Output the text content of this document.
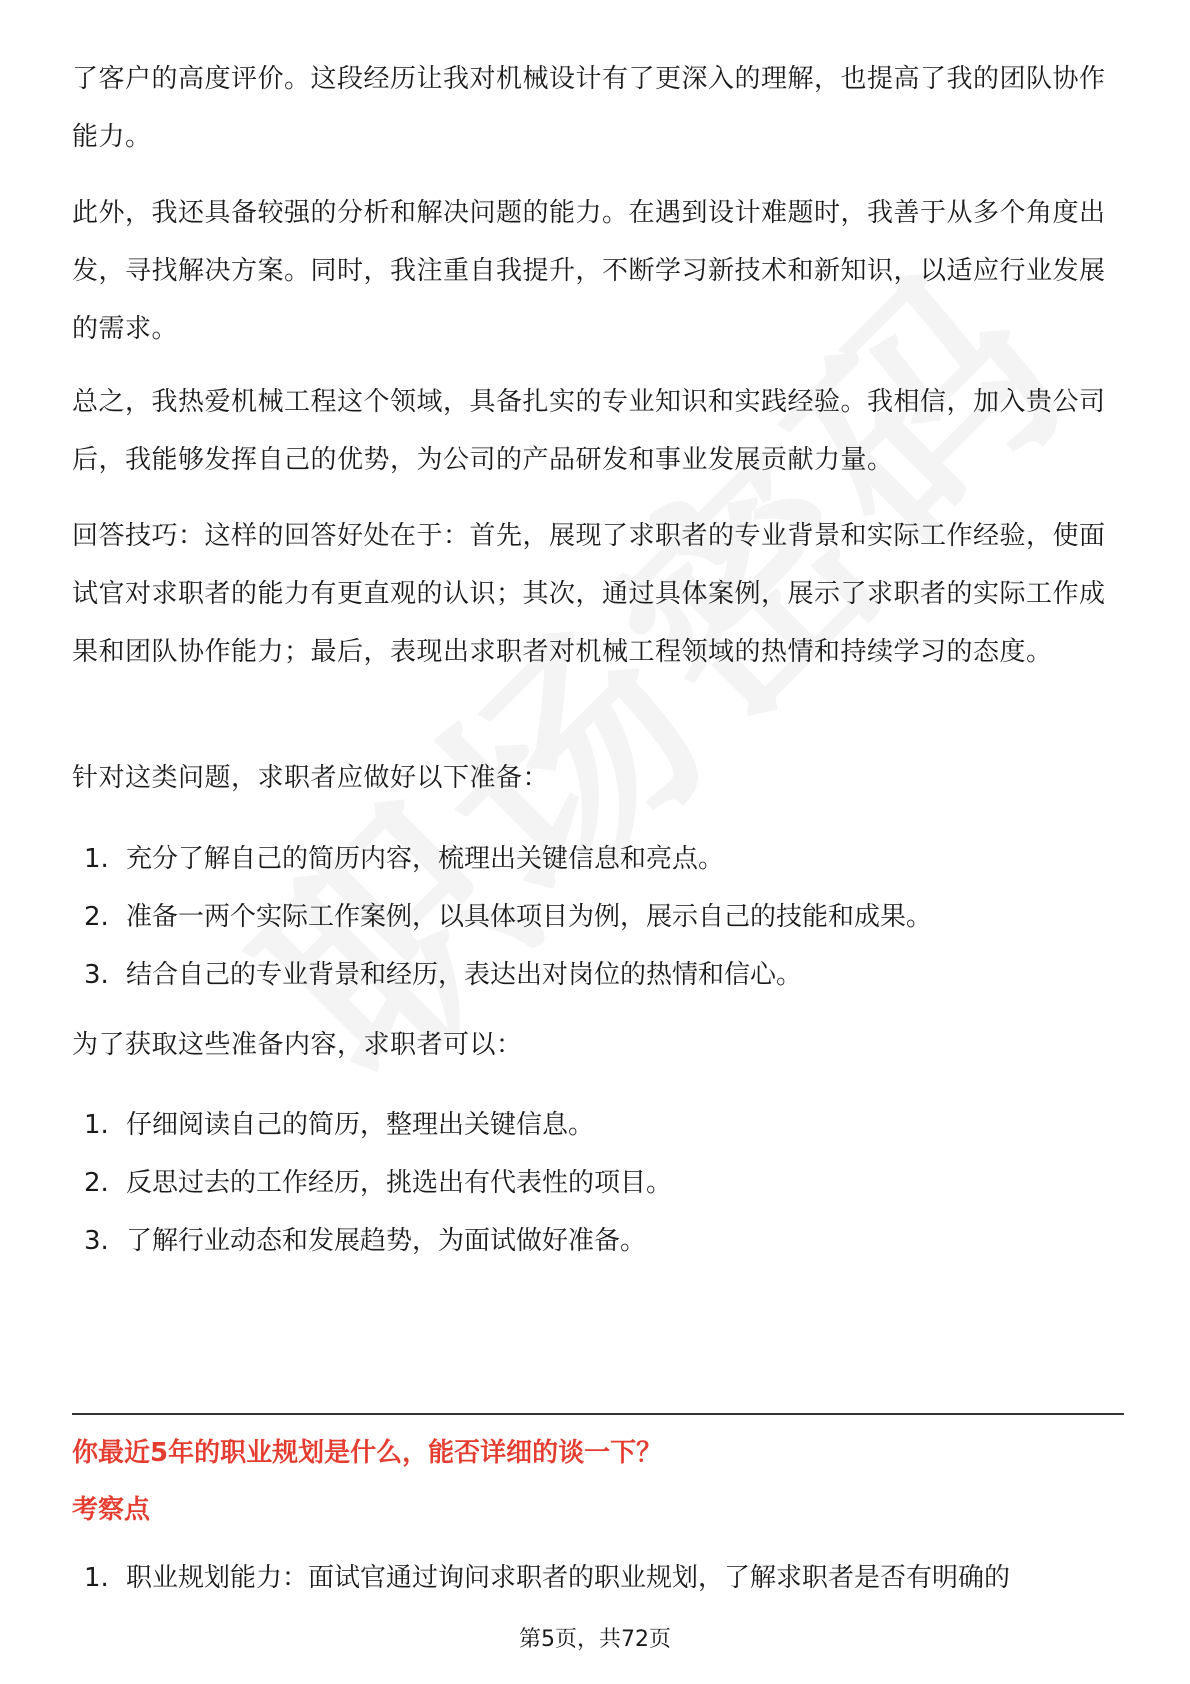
了客户的高度评价。这段经历让我对机械设计有了更深入的理解，也提高了我的团队协作能力。

此外，我还具备较强的分析和解决问题的能力。在遇到设计难题时，我善于从多个角度出发，寻找解决方案。同时，我注重自我提升，不断学习新技术和新知识，以适应行业发展的需求。

总之，我热爱机械工程这个领域，具备扎实的专业知识和实践经验。我相信，加入贵公司后，我能够发挥自己的优势，为公司的产品研发和事业发展贡献力量。

回答技巧：这样的回答好处在于：首先，展现了求职者的专业背景和实际工作经验，使面试官对求职者的能力有更直观的认识；其次，通过具体案例，展示了求职者的实际工作成果和团队协作能力；最后，表现出求职者对机械工程领域的热情和持续学习的态度。

针对这类问题，求职者应做好以下准备：

1. 充分了解自己的简历内容，梳理出关键信息和亮点。
2. 准备一两个实际工作案例，以具体项目为例，展示自己的技能和成果。
3. 结合自己的专业背景和经历，表达出对岗位的热情和信心。

为了获取这些准备内容，求职者可以：

1. 仔细阅读自己的简历，整理出关键信息。
2. 反思过去的工作经历，挑选出有代表性的项目。
3. 了解行业动态和发展趋势，为面试做好准备。
你最近5年的职业规划是什么，能否详细的谈一下？
考察点
1. 职业规划能力：面试官通过询问求职者的职业规划，了解求职者是否有明确的
第5页，共72页
